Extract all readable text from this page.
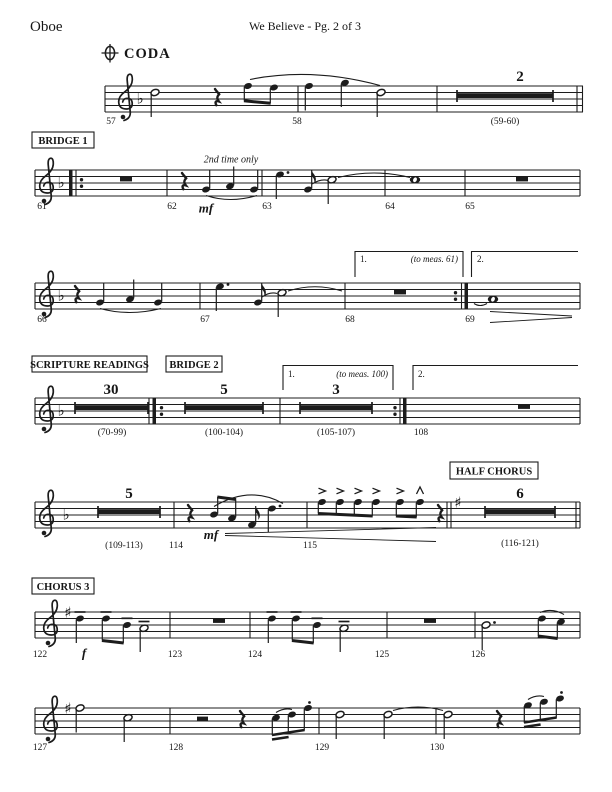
Oboe	We Believe - Pg. 2 of 3
CODA
♭
2
57	58	(59-60)
BRIDGE 1
♭
2nd time only
mf
61	62	63	64	65
♭
1.	(to meas. 61) 2.
66	67	68	69
SCRIPTURE READINGS BRIDGE 2
♭
30	5	3
1.	(to meas. 100)	2.
(70-99)	(100-104)	(105-107)	108
HALF CHORUS
♭
5
mf
♯	6
(109-113)	114	115	(116-121)
CHORUS 3
♯
f
122	123	124	125	126
♯
127	128	129	130
